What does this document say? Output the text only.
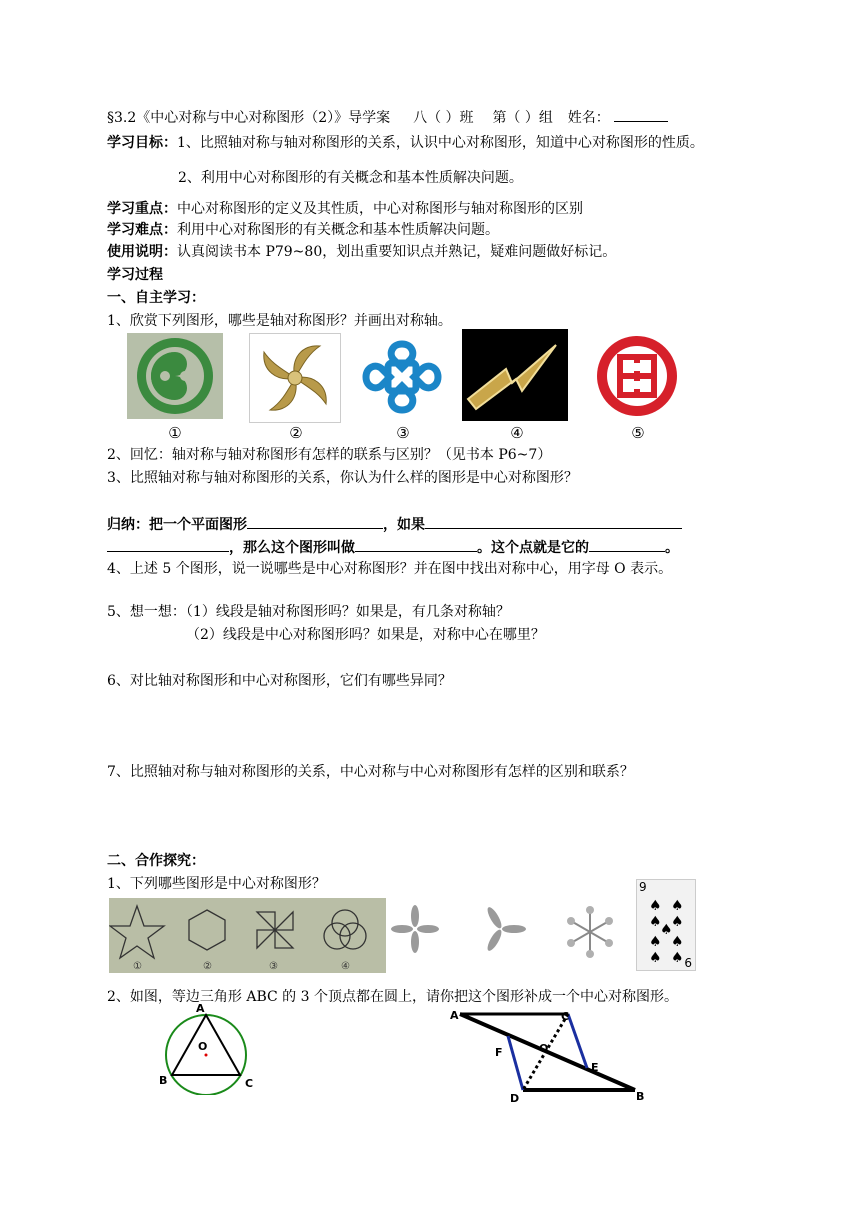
§3.2《中心对称与中心对称图形（2）》导学案 八（ ）班 第（ ）组 姓名：
学习目标：1、比照轴对称与轴对称图形的关系，认识中心对称图形，知道中心对称图形的性质。
2、利用中心对称图形的有关概念和基本性质解决问题。
学习重点：中心对称图形的定义及其性质，中心对称图形与轴对称图形的区别
学习难点：利用中心对称图形的有关概念和基本性质解决问题。
使用说明：认真阅读书本 P79~80，划出重要知识点并熟记，疑难问题做好标记。
学习过程
一、自主学习：
1、欣赏下列图形，哪些是轴对称图形？并画出对称轴。
①	②	③	④	⑤
2、回忆：轴对称与轴对称图形有怎样的联系与区别？（见书本 P6~7）
3、比照轴对称与轴对称图形的关系，你认为什么样的图形是中心对称图形？
归纳：把一个平面图形	，如果
，那么这个图形叫做	。这个点就是它的	。
4、上述 5 个图形，说一说哪些是中心对称图形？并在图中找出对称中心，用字母 O 表示。
5、想一想：（1）线段是轴对称图形吗？如果是，有几条对称轴？
（2）线段是中心对称图形吗？如果是，对称中心在哪里？
6、对比轴对称图形和中心对称图形，它们有哪些异同？
7、比照轴对称与轴对称图形的关系，中心对称与中心对称图形有怎样的区别和联系？
二、合作探究：
1、下列哪些图形是中心对称图形？
①	②	③	④
9
6
♠ ♠
♠ ♠
♠
♠ ♠
♠ ♠
2、如图，等边三角形 ABC 的 3 个顶点都在圆上，请你把这个图形补成一个中心对称图形。
A
O
B	C
A	C
F	O
E
D	B
